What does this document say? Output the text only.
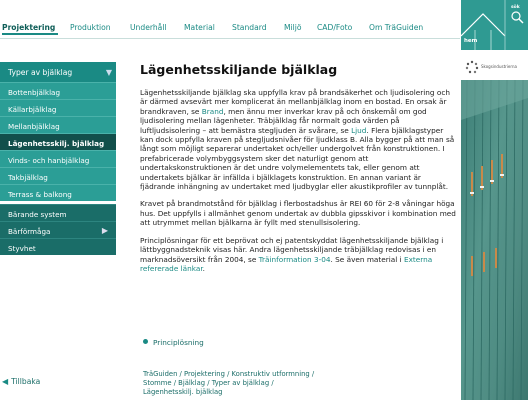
Projektering Produktion	Underhåll Material Standard Miljö CAD/Foto Om TräGuiden
hem
sök
Skogsindustrierna
Typer av bjälklag	▼
Bottenbjälklag
Källarbjälklag
Mellanbjälklag
Lägenhetsskilj. bjälklag
Vinds- och hanbjälklag
Takbjälklag
Terrass & balkong
Bärande system
Bärförmåga	▶
Styvhet
◀ Tillbaka
Lägenhetsskiljande bjälklag

Lägenhetsskiljande bjälklag ska uppfylla krav på brandsäkerhet och ljudisolering och är därmed avsevärt mer komplicerat än mellanbjälklag inom en bostad. En orsak är brandkraven, se Brand, men ännu mer inverkar krav på och önskemål om god ljudisolering mellan lägenheter. Träbjälklag får normalt goda värden på luftljudsisolering – att bemästra stegljuden är svårare, se Ljud. Flera bjälklagstyper kan dock uppfylla kraven på stegljudsnivåer för ljudklass B. Alla bygger på att man så långt som möjligt separerar undertaket och/eller undergolvet från konstruktionen. I prefabricerade volymbyggsystem sker det naturligt genom att undertakskonstruktionen är det undre volymelementets tak, eller genom att undertakets bjälkar är infällda i bjälklagets konstruktion. En annan variant är fjädrande inhängning av undertaket med ljudbyglar eller akustikprofiler av tunnplåt.

Kravet på brandmotstånd för bjälklag i flerbostadshus är REI 60 för 2-8 våningar höga hus. Det uppfylls i allmänhet genom undertak av dubbla gipsskivor i kombination med att utrymmet mellan bjälkarna är fyllt med stenullsisolering.

Principlösningar för ett beprövat och ej patentskyddat lägenhetsskiljande bjälklag i lättbyggnadsteknik visas här. Andra lägenhetsskiljande träbjälklag redovisas i en marknadsöversikt från 2004, se Träinformation 3-04. Se även material i Externa refererade länkar.

Principlösning
TräGuiden / Projektering / Konstruktiv utformning / Stomme / Bjälklag / Typer av bjälklag / Lägenhetsskilj. bjälklag
